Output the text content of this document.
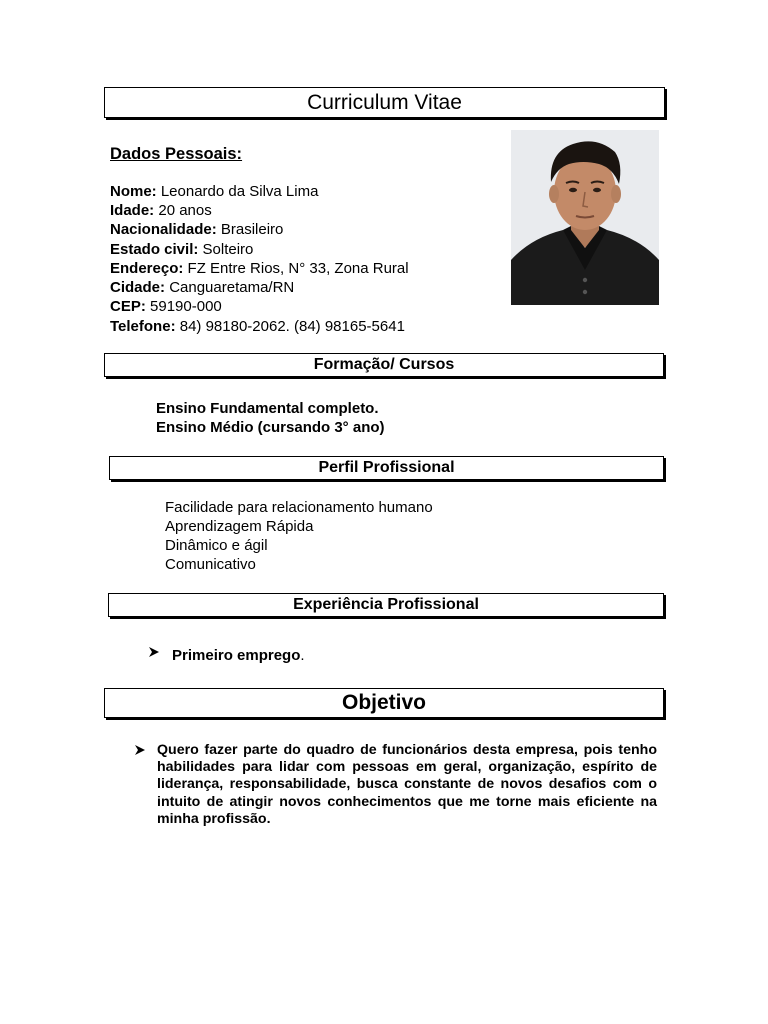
Curriculum Vitae
Dados Pessoais:
Nome: Leonardo da Silva Lima
Idade: 20 anos
Nacionalidade: Brasileiro
Estado civil: Solteiro
Endereço: FZ Entre Rios, N° 33, Zona Rural
Cidade: Canguaretama/RN
CEP: 59190-000
Telefone: 84) 98180-2062. (84) 98165-5641
Formação/ Cursos
Ensino Fundamental completo.
Ensino Médio (cursando 3° ano)
Perfil Profissional
Facilidade para relacionamento humano
Aprendizagem Rápida
Dinâmico e ágil
Comunicativo
Experiência Profissional
Primeiro emprego.
Objetivo
Quero fazer parte do quadro de funcionários desta empresa, pois tenho habilidades para lidar com pessoas em geral, organização, espírito de liderança, responsabilidade, busca constante de novos desafios com o intuito de atingir novos conhecimentos que me torne mais eficiente na minha profissão.
